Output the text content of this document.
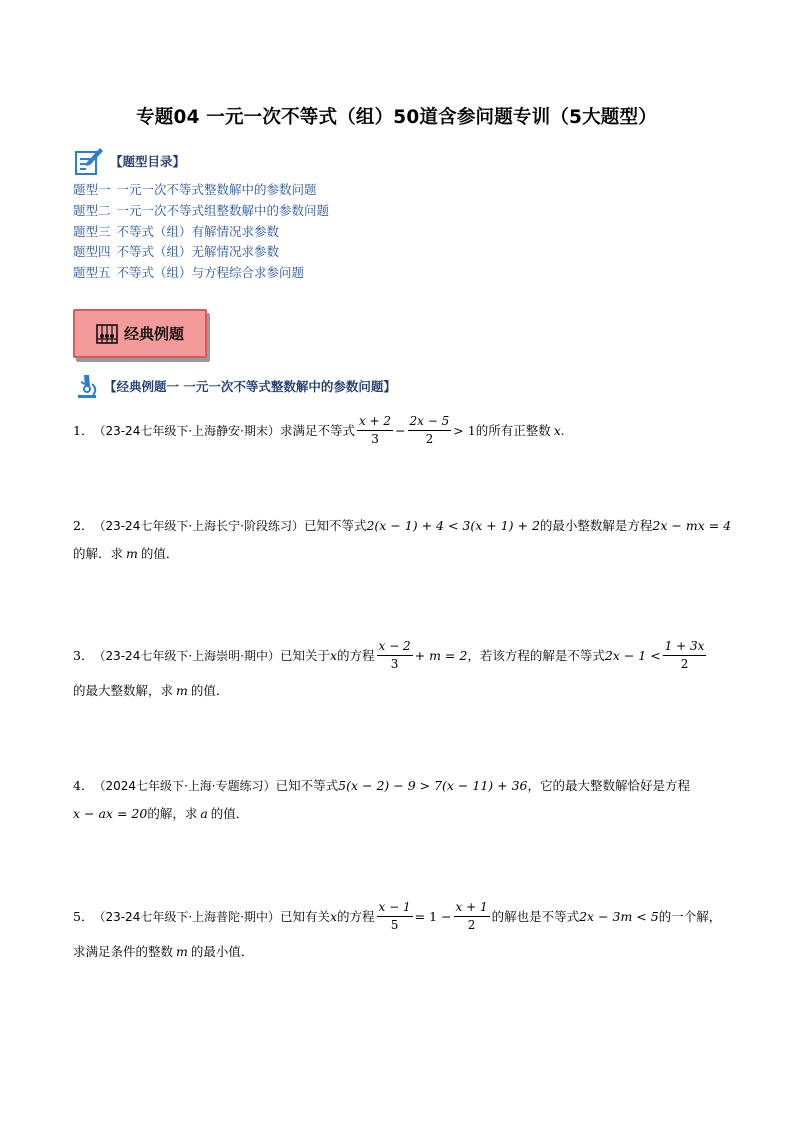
专题04 一元一次不等式（组）50道含参问题专训（5大题型）
【题型目录】
题型一 一元一次不等式整数解中的参数问题
题型二 一元一次不等式组整数解中的参数问题
题型三 不等式（组）有解情况求参数
题型四 不等式（组）无解情况求参数
题型五 不等式（组）与方程综合求参问题
经典例题
【经典例题一 一元一次不等式整数解中的参数问题】
1． （23-24七年级下·上海静安·期末） 求满足不等式 $\frac{x + 2}{3} - \frac{2x - 5}{2} > 1$ 的所有正整数 x .
2． （23-24七年级下·上海长宁·阶段练习） 已知不等式 2(x − 1) + 4 < 3(x + 1) + 2 的最小整数解是方程 2x − mx = 4
的解．求 m 的值．
3． （23-24七年级下·上海崇明·期中） 已知关于 x 的方程 $\frac{x - 2}{3} + m = 2$ ，若该方程的解是不等式 $2x - 1 < \frac{1 + 3x}{2}$
的最大整数解，求 m 的值．
4． （2024七年级下·上海·专题练习） 已知不等式 5(x − 2) − 9 > 7(x − 11) + 36 ，它的最大整数解恰好是方程
x − ax = 20 的解，求 a 的值．
5． （23-24七年级下·上海普陀·期中） 已知有关 x 的方程 $\frac{x - 1}{5} = 1 - \frac{x + 1}{2}$ 的解也是不等式 2x − 3m < 5 的一个解，
求满足条件的整数 m 的最小值．
